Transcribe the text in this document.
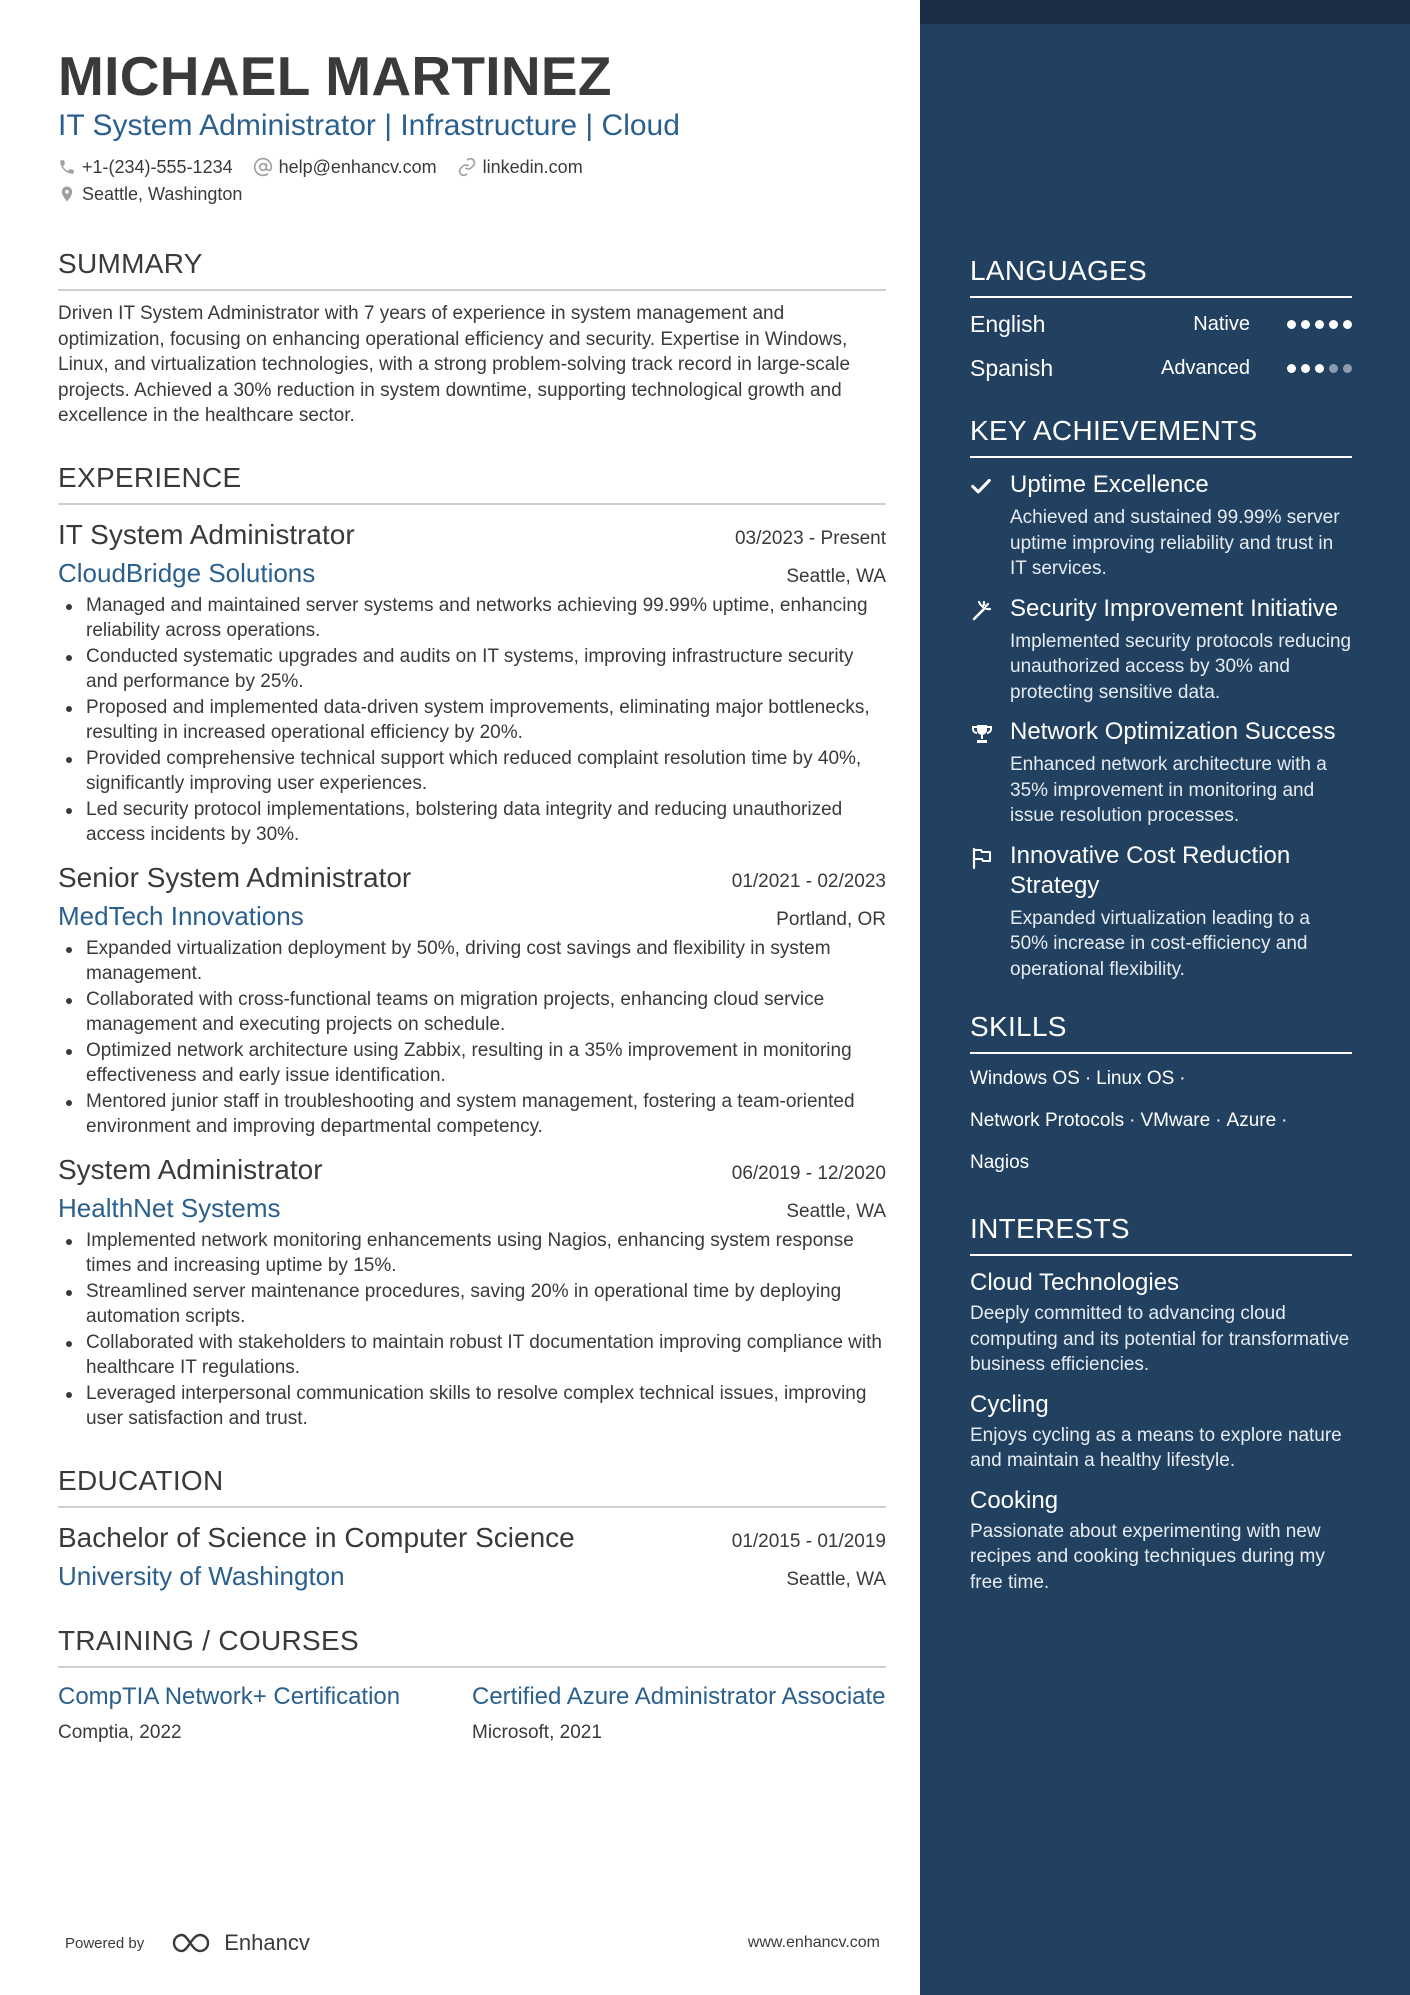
MICHAEL MARTINEZ
IT System Administrator | Infrastructure | Cloud
+1-(234)-555-1234	help@enhancv.com	linkedin.com
Seattle, Washington
SUMMARY
Driven IT System Administrator with 7 years of experience in system management and optimization, focusing on enhancing operational efficiency and security. Expertise in Windows, Linux, and virtualization technologies, with a strong problem-solving track record in large-scale projects. Achieved a 30% reduction in system downtime, supporting technological growth and excellence in the healthcare sector.
EXPERIENCE
IT System Administrator	03/2023 - Present
CloudBridge Solutions	Seattle, WA
Managed and maintained server systems and networks achieving 99.99% uptime, enhancing reliability across operations.
Conducted systematic upgrades and audits on IT systems, improving infrastructure security and performance by 25%.
Proposed and implemented data-driven system improvements, eliminating major bottlenecks, resulting in increased operational efficiency by 20%.
Provided comprehensive technical support which reduced complaint resolution time by 40%, significantly improving user experiences.
Led security protocol implementations, bolstering data integrity and reducing unauthorized access incidents by 30%.
Senior System Administrator	01/2021 - 02/2023
MedTech Innovations	Portland, OR
Expanded virtualization deployment by 50%, driving cost savings and flexibility in system management.
Collaborated with cross-functional teams on migration projects, enhancing cloud service management and executing projects on schedule.
Optimized network architecture using Zabbix, resulting in a 35% improvement in monitoring effectiveness and early issue identification.
Mentored junior staff in troubleshooting and system management, fostering a team-oriented environment and improving departmental competency.
System Administrator	06/2019 - 12/2020
HealthNet Systems	Seattle, WA
Implemented network monitoring enhancements using Nagios, enhancing system response times and increasing uptime by 15%.
Streamlined server maintenance procedures, saving 20% in operational time by deploying automation scripts.
Collaborated with stakeholders to maintain robust IT documentation improving compliance with healthcare IT regulations.
Leveraged interpersonal communication skills to resolve complex technical issues, improving user satisfaction and trust.
EDUCATION
Bachelor of Science in Computer Science	01/2015 - 01/2019
University of Washington	Seattle, WA
TRAINING / COURSES
CompTIA Network+ Certification
Comptia, 2022
Certified Azure Administrator Associate
Microsoft, 2021
Powered by	Enhancv	www.enhancv.com
LANGUAGES
English	Native
Spanish	Advanced
KEY ACHIEVEMENTS
Uptime Excellence
Achieved and sustained 99.99% server uptime improving reliability and trust in IT services.
Security Improvement Initiative
Implemented security protocols reducing unauthorized access by 30% and protecting sensitive data.
Network Optimization Success
Enhanced network architecture with a 35% improvement in monitoring and issue resolution processes.
Innovative Cost Reduction Strategy
Expanded virtualization leading to a 50% increase in cost-efficiency and operational flexibility.
SKILLS
Windows OS · Linux OS ·
Network Protocols · VMware · Azure ·
Nagios
INTERESTS
Cloud Technologies
Deeply committed to advancing cloud computing and its potential for transformative business efficiencies.
Cycling
Enjoys cycling as a means to explore nature and maintain a healthy lifestyle.
Cooking
Passionate about experimenting with new recipes and cooking techniques during my free time.
